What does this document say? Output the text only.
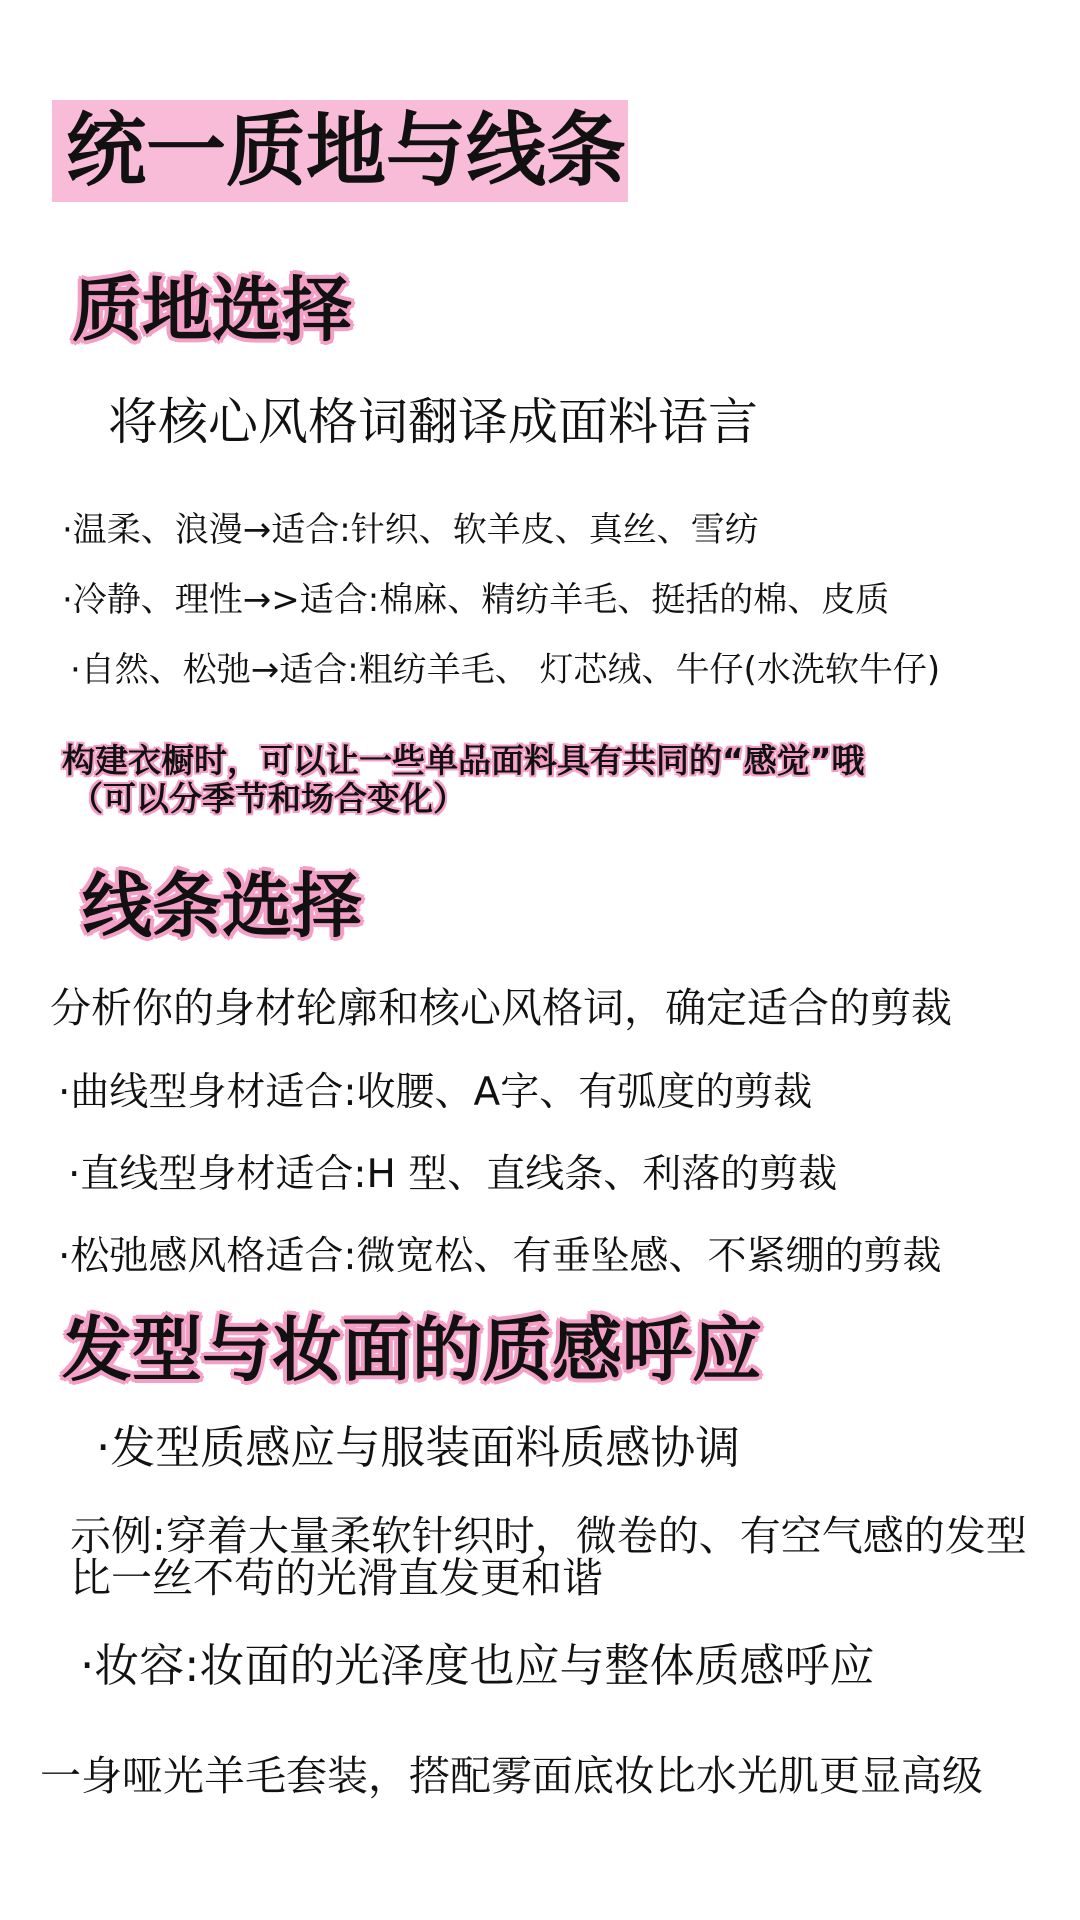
统一质地与线条
质地选择
将核心风格词翻译成面料语言
·温柔、浪漫→适合:针织、软羊皮、真丝、雪纺
·冷静、理性→>适合:棉麻、精纺羊毛、挺括的棉、皮质
·自然、松弛→适合:粗纺羊毛、 灯芯绒、牛仔(水洗软牛仔)
构建衣橱时，可以让一些单品面料具有共同的“感觉”哦
（可以分季节和场合变化）
线条选择
分析你的身材轮廓和核心风格词，确定适合的剪裁
·曲线型身材适合:收腰、A字、有弧度的剪裁
·直线型身材适合:H 型、直线条、利落的剪裁
·松弛感风格适合:微宽松、有垂坠感、不紧绷的剪裁
发型与妆面的质感呼应
·发型质感应与服装面料质感协调
示例:穿着大量柔软针织时，微卷的、有空气感的发型
比一丝不苟的光滑直发更和谐
·妆容:妆面的光泽度也应与整体质感呼应
一身哑光羊毛套装，搭配雾面底妆比水光肌更显高级
